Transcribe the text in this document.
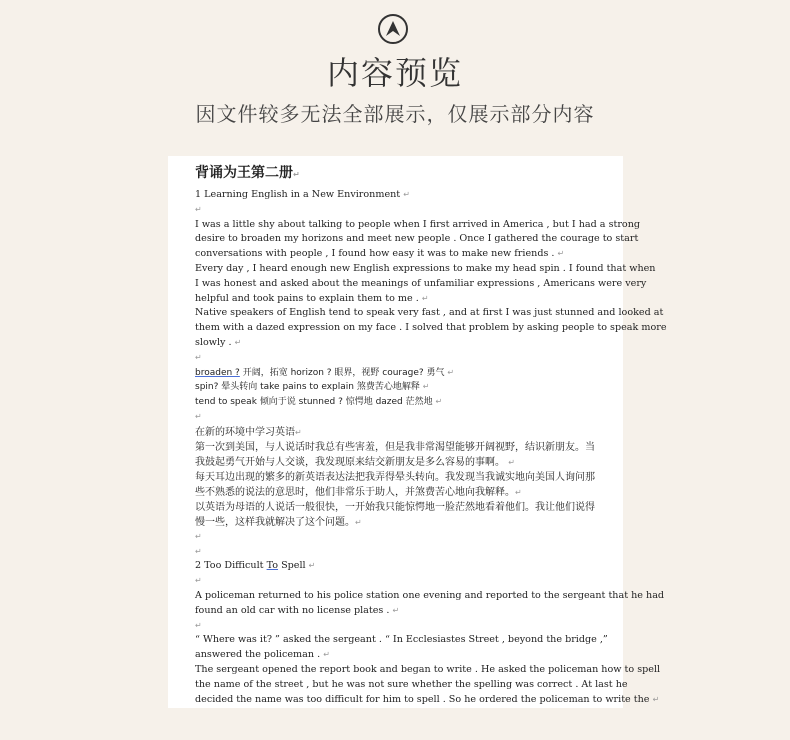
内容预览
因文件较多无法全部展示，仅展示部分内容
背诵为王第二册↵
1 Learning English in a New Environment ↵
↵
I was a little shy about talking to people when I first arrived in America , but I had a strong
desire to broaden my horizons and meet new people . Once I gathered the courage to start
conversations with people , I found how easy it was to make new friends . ↵
Every day , I heard enough new English expressions to make my head spin . I found that when
I was honest and asked about the meanings of unfamiliar expressions , Americans were very
helpful and took pains to explain them to me . ↵
Native speakers of English tend to speak very fast , and at first I was just stunned and looked at
them with a dazed expression on my face . I solved that problem by asking people to speak more
slowly . ↵
↵
broaden ? 开阔，拓宽 horizon ? 眼界，视野 courage? 勇气 ↵
spin? 晕头转向 take pains to explain 煞费苦心地解释 ↵
tend to speak 倾向于说 stunned ? 惊愕地 dazed 茫然地 ↵
↵
在新的环境中学习英语↵
第一次到美国，与人说话时我总有些害羞，但是我非常渴望能够开阔视野，结识新朋友。当
我鼓起勇气开始与人交谈，我发现原来结交新朋友是多么容易的事啊。 ↵
每天耳边出现的繁多的新英语表达法把我弄得晕头转向。我发现当我诚实地向美国人询问那
些不熟悉的说法的意思时，他们非常乐于助人，并煞费苦心地向我解释。↵
以英语为母语的人说话一般很快，一开始我只能惊愕地一脸茫然地看着他们。我让他们说得
慢一些，这样我就解决了这个问题。↵
↵
↵
2 Too Difficult To Spell ↵
↵
A policeman returned to his police station one evening and reported to the sergeant that he had
found an old car with no license plates . ↵
↵
“ Where was it? ” asked the sergeant . “ In Ecclesiastes Street , beyond the bridge ,”
answered the policeman . ↵
The sergeant opened the report book and began to write . He asked the policeman how to spell
the name of the street , but he was not sure whether the spelling was correct . At last he
decided the name was too difficult for him to spell . So he ordered the policeman to write the ↵
